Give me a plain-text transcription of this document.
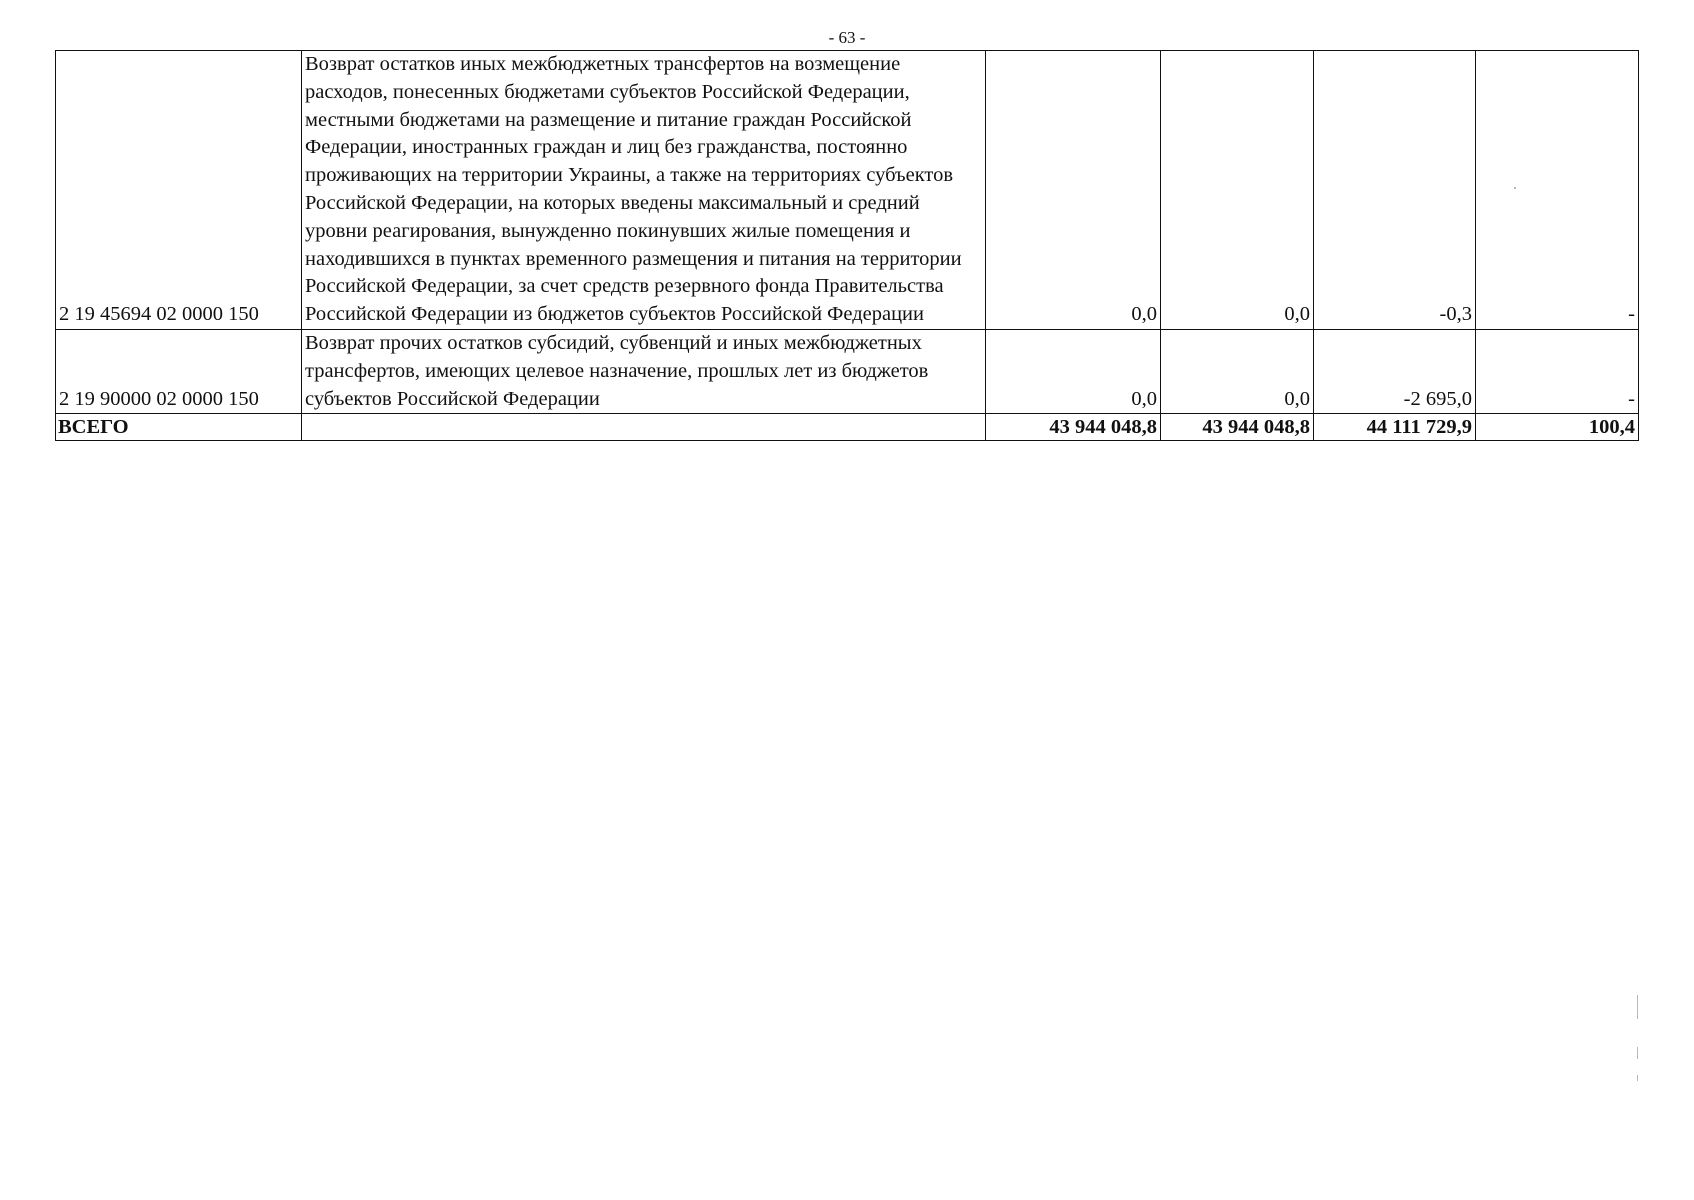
- 63 -
2 19 45694 02 0000 150	Возврат остатков иных межбюджетных трансфертов на возмещение расходов, понесенных бюджетами субъектов Российской Федерации, местными бюджетами на размещение и питание граждан Российской Федерации, иностранных граждан и лиц без гражданства, постоянно проживающих на территории Украины, а также на территориях субъектов Российской Федерации, на которых введены максимальный и средний уровни реагирования, вынужденно покинувших жилые помещения и находившихся в пунктах временного размещения и питания на территории Российской Федерации, за счет средств резервного фонда Правительства Российской Федерации из бюджетов субъектов Российской Федерации	0,0	0,0	-0,3	-
2 19 90000 02 0000 150	Возврат прочих остатков субсидий, субвенций и иных межбюджетных трансфертов, имеющих целевое назначение, прошлых лет из бюджетов субъектов Российской Федерации	0,0	0,0	-2 695,0	-
ВСЕГО		43 944 048,8	43 944 048,8	44 111 729,9	100,4
